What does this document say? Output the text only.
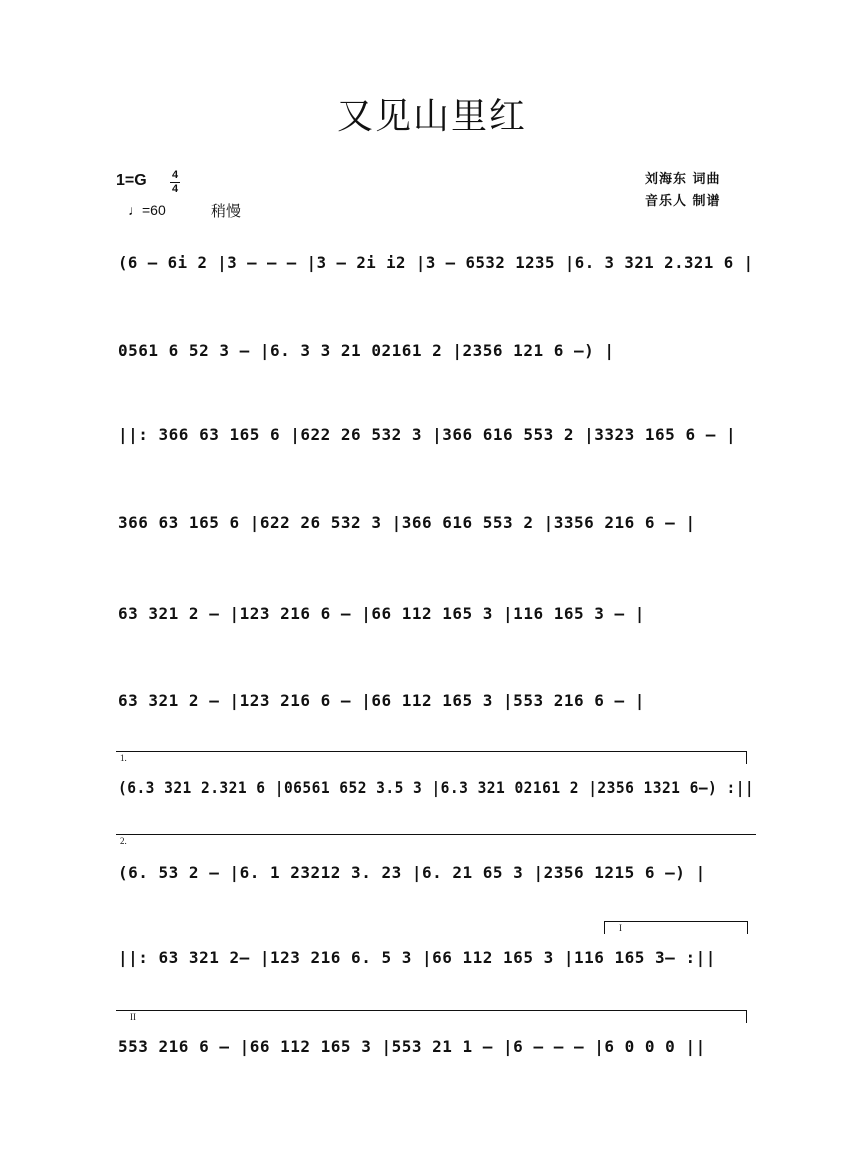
又见山里红
1=G 4
4
♩=60	稍慢
刘海东 词曲
音乐人 制谱

(6 – 6i 2 |3 – – – |3 – 2i i2 |3 – 6532 1235 |6. 3 321 2.321 6 |

0561 6 52 3 – |6. 3 3 21 02161 2 |2356 121 6 –) |

||: 366 63 165 6 |622 26 532 3 |366 616 553 2 |3323 165 6 – |

366 63 165 6 |622 26 532 3 |366 616 553 2 |3356 216 6 – |

63 321 2 – |123 216 6 – |66 112 165 3 |116 165 3 – |

63 321 2 – |123 216 6 – |66 112 165 3 |553 216 6 – |

1.

(6.3 321 2.321 6 |06561 652 3.5 3 |6.3 321 02161 2 |2356 1321 6–) :||

2.

(6. 53 2 – |6. 1 23212 3. 23 |6. 21 65 3 |2356 1215 6 –) |

I

||: 63 321 2– |123 216 6. 5 3 |66 112 165 3 |116 165 3– :||

II

553 216 6 – |66 112 165 3 |553 21 1 – |6 – – – |6 0 0 0 ||
